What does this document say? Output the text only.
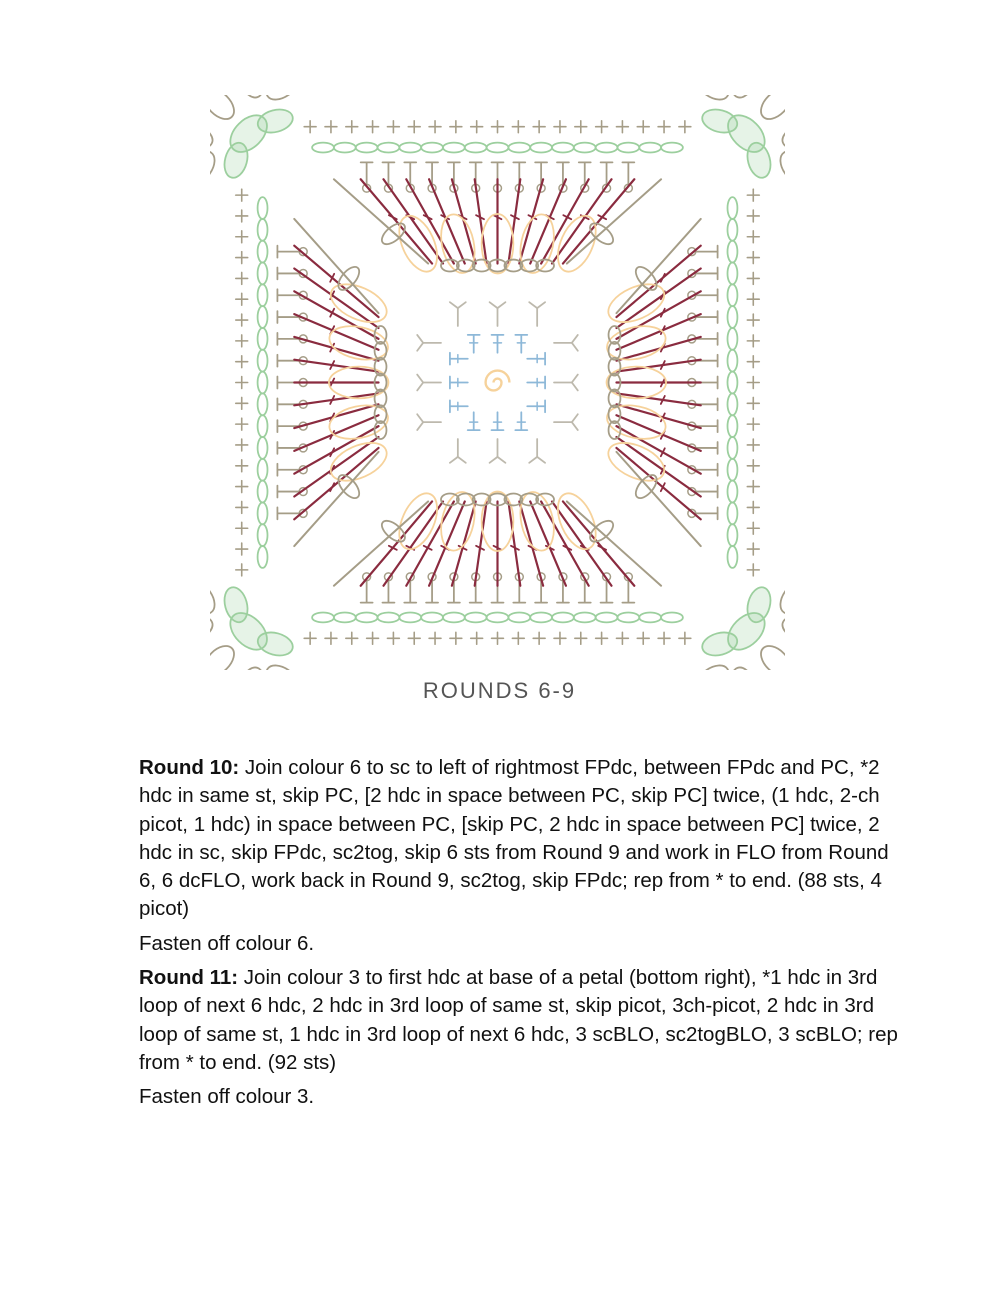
ROUNDS 6-9

Round 10: Join colour 6 to sc to left of rightmost FPdc, between FPdc and PC, *2 hdc in same st, skip PC, [2 hdc in space between PC, skip PC] twice, (1 hdc, 2-ch picot, 1 hdc) in space between PC, [skip PC, 2 hdc in space between PC] twice, 2 hdc in sc, skip FPdc, sc2tog, skip 6 sts from Round 9 and work in FLO from Round 6, 6 dcFLO, work back in Round 9, sc2tog, skip FPdc; rep from * to end. (88 sts, 4 picot)

Fasten off colour 6.

Round 11: Join colour 3 to first hdc at base of a petal (bottom right), *1 hdc in 3rd loop of next 6 hdc, 2 hdc in 3rd loop of same st, skip picot, 3ch-picot, 2 hdc in 3rd loop of same st, 1 hdc in 3rd loop of next 6 hdc, 3 scBLO, sc2togBLO, 3 scBLO; rep from * to end. (92 sts)

Fasten off colour 3.
